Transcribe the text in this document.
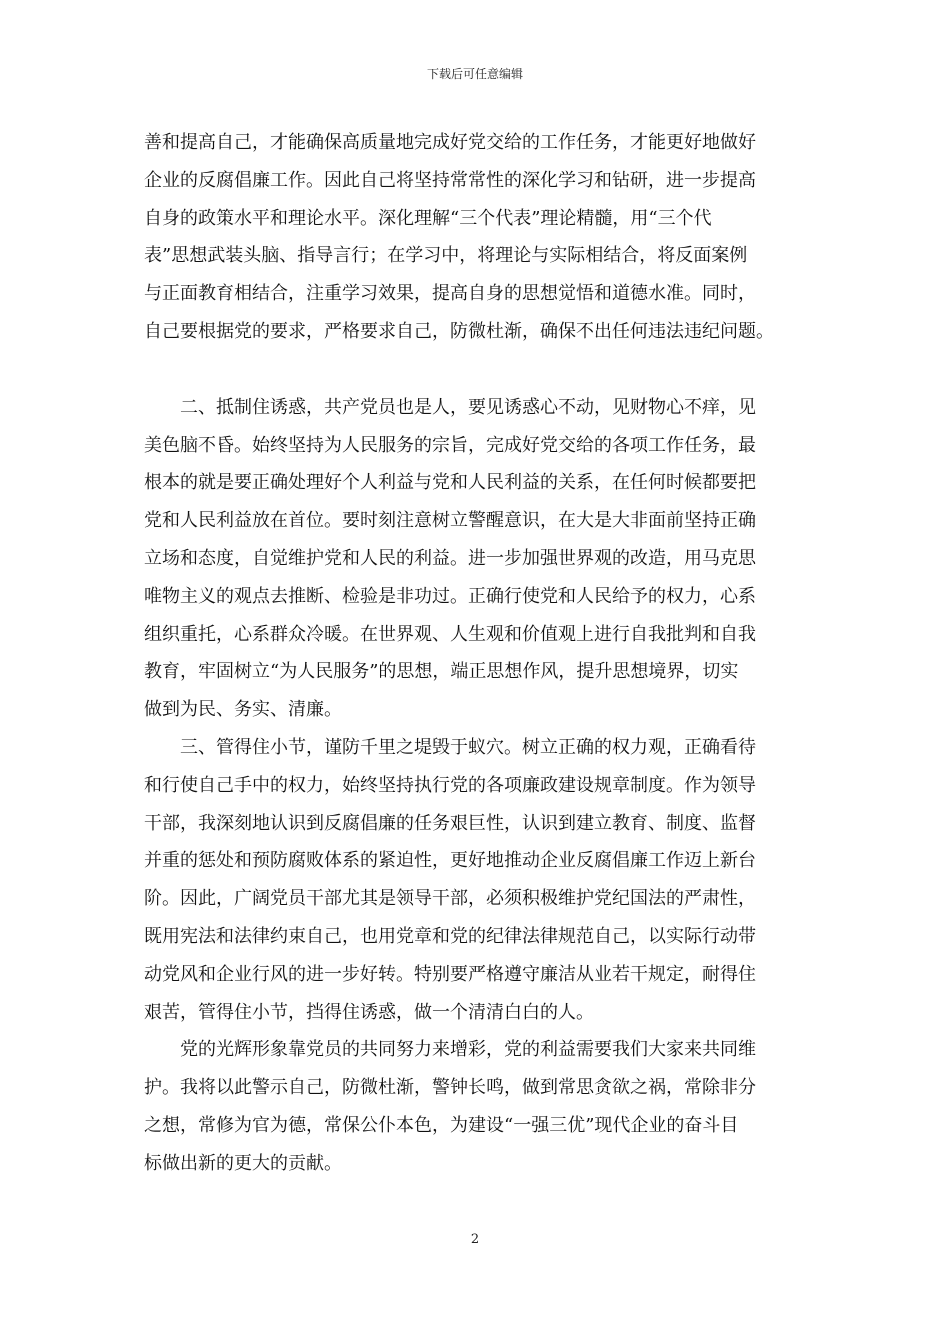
下载后可任意编辑
善和提高自己，才能确保高质量地完成好党交给的工作任务，才能更好地做好
企业的反腐倡廉工作。因此自己将坚持常常性的深化学习和钻研，进一步提高
自身的政策水平和理论水平。深化理解“三个代表”理论精髓，用“三个代
表”思想武装头脑、指导言行；在学习中，将理论与实际相结合，将反面案例
与正面教育相结合，注重学习效果，提高自身的思想觉悟和道德水准。同时，
自己要根据党的要求，严格要求自己，防微杜渐，确保不出任何违法违纪问题。
二、抵制住诱惑，共产党员也是人，要见诱惑心不动，见财物心不痒，见
美色脑不昏。始终坚持为人民服务的宗旨，完成好党交给的各项工作任务，最
根本的就是要正确处理好个人利益与党和人民利益的关系，在任何时候都要把
党和人民利益放在首位。要时刻注意树立警醒意识，在大是大非面前坚持正确
立场和态度，自觉维护党和人民的利益。进一步加强世界观的改造，用马克思
唯物主义的观点去推断、检验是非功过。正确行使党和人民给予的权力，心系
组织重托，心系群众冷暖。在世界观、人生观和价值观上进行自我批判和自我
教育，牢固树立“为人民服务”的思想，端正思想作风，提升思想境界，切实
做到为民、务实、清廉。
三、管得住小节，谨防千里之堤毁于蚁穴。树立正确的权力观，正确看待
和行使自己手中的权力，始终坚持执行党的各项廉政建设规章制度。作为领导
干部，我深刻地认识到反腐倡廉的任务艰巨性，认识到建立教育、制度、监督
并重的惩处和预防腐败体系的紧迫性，更好地推动企业反腐倡廉工作迈上新台
阶。因此，广阔党员干部尤其是领导干部，必须积极维护党纪国法的严肃性，
既用宪法和法律约束自己，也用党章和党的纪律法律规范自己，以实际行动带
动党风和企业行风的进一步好转。特别要严格遵守廉洁从业若干规定，耐得住
艰苦，管得住小节，挡得住诱惑，做一个清清白白的人。
党的光辉形象靠党员的共同努力来增彩，党的利益需要我们大家来共同维
护。我将以此警示自己，防微杜渐，警钟长鸣，做到常思贪欲之祸，常除非分
之想，常修为官为德，常保公仆本色，为建设“一强三优”现代企业的奋斗目
标做出新的更大的贡献。
2
